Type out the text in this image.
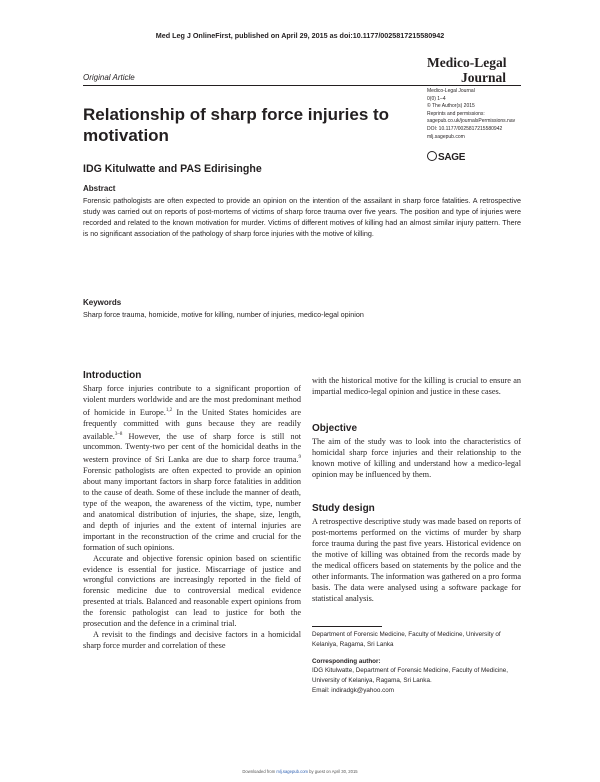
Med Leg J OnlineFirst, published on April 29, 2015 as doi:10.1177/0025817215580942
Original Article
Medico-Legal
Journal
Medico-Legal Journal
0(0) 1–4
© The Author(s) 2015
Reprints and permissions:
sagepub.co.uk/journalsPermissions.nav
DOI: 10.1177/0025817215580942
mlj.sagepub.com
SAGE
Relationship of sharp force injuries to motivation
IDG Kitulwatte and PAS Edirisinghe
Abstract
Forensic pathologists are often expected to provide an opinion on the intention of the assailant in sharp force fatalities. A retrospective study was carried out on reports of post-mortems of victims of sharp force trauma over five years. The position and type of injuries were recorded and related to the known motivation for murder. Victims of different motives of killing had an almost similar injury pattern. There is no significant association of the pathology of sharp force injuries with the motive of killing.
Keywords
Sharp force trauma, homicide, motive for killing, number of injuries, medico-legal opinion
Introduction

Sharp force injuries contribute to a significant proportion of violent murders worldwide and are the most predominant method of homicide in Europe.$^{1,2}$ In the United States homicides are frequently committed with guns because they are readily available.$^{3-8}$ However, the use of sharp force is still not uncommon. Twenty-two per cent of the homicidal deaths in the western province of Sri Lanka are due to sharp force trauma.$^9$ Forensic pathologists are often expected to provide an opinion about many important factors in sharp force fatalities in addition to the cause of death. Some of these include the manner of death, type of the weapon, the awareness of the victim, type, number and anatomical distribution of injuries, the shape, size, length, and depth of injuries and the extent of internal injuries are important in the reconstruction of the crime and crucial for the formation of such opinions.

Accurate and objective forensic opinion based on scientific evidence is essential for justice. Miscarriage of justice and wrongful convictions are increasingly reported in the field of forensic medicine due to controversial medical evidence presented at trials. Balanced and reasonable expert opinions from the forensic pathologist can lead to justice for both the prosecution and the defence in a criminal trial.

A revisit to the findings and decisive factors in a homicidal sharp force murder and correlation of these

with the historical motive for the killing is crucial to ensure an impartial medico-legal opinion and justice in these cases.
Objective
The aim of the study was to look into the characteristics of homicidal sharp force injuries and their relationship to the known motive of killing and understand how a medico-legal opinion may be influenced by them.
Study design
A retrospective descriptive study was made based on reports of post-mortems performed on the victims of murder by sharp force trauma during the past five years. Historical evidence on the motive of killing was obtained from the records made by the medical officers based on statements by the police and the other informants. The information was gathered on a pro forma basis. The data were analysed using a software package for statistical analysis.
Department of Forensic Medicine, Faculty of Medicine, University of Kelaniya, Ragama, Sri Lanka
Corresponding author:
IDG Kitulwatte, Department of Forensic Medicine, Faculty of Medicine, University of Kelaniya, Ragama, Sri Lanka.
Email: indiradgk@yahoo.com
Downloaded from mlj.sagepub.com by guest on April 30, 2015
